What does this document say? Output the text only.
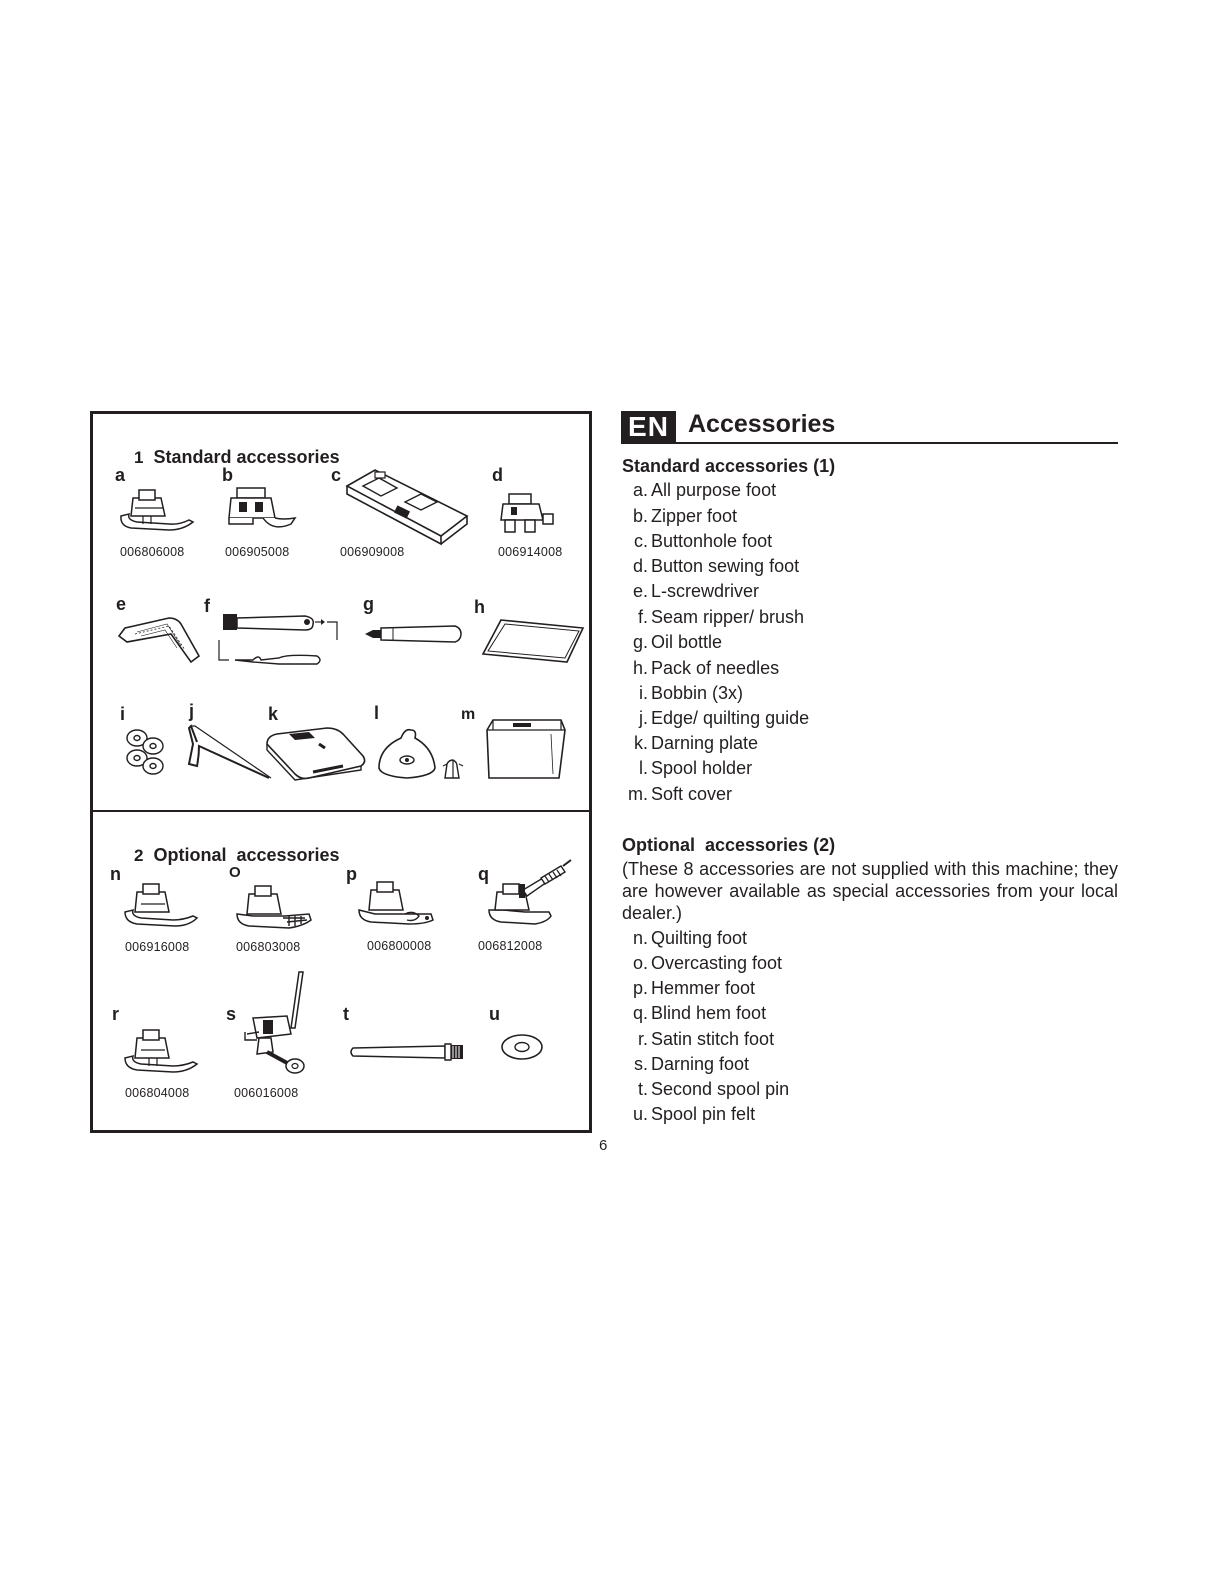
1 Standard accessories

a	b	c	d
006806008	006905008	006909008	006914008
e	f	g	h
i	j	k	l	m

2 Optional  accessories

n	O	p	q
006916008	006803008	006800008	006812008
r	s	t	u
006804008	006016008
EN Accessories
Standard accessories (1)
a. All purpose foot
b. Zipper foot
c. Buttonhole foot
d. Button sewing foot
e. L-screwdriver
f. Seam ripper/ brush
g. Oil bottle
h. Pack of needles
i. Bobbin (3x)
j. Edge/ quilting guide
k. Darning plate
l. Spool holder
m. Soft cover
Optional  accessories (2)
(These 8 accessories are not supplied with this machine; they are however available as special accessories from your local dealer.)
n. Quilting foot
o. Overcasting foot
p. Hemmer foot
q. Blind hem foot
r. Satin stitch foot
s. Darning foot
t. Second spool pin
u. Spool pin felt
6
